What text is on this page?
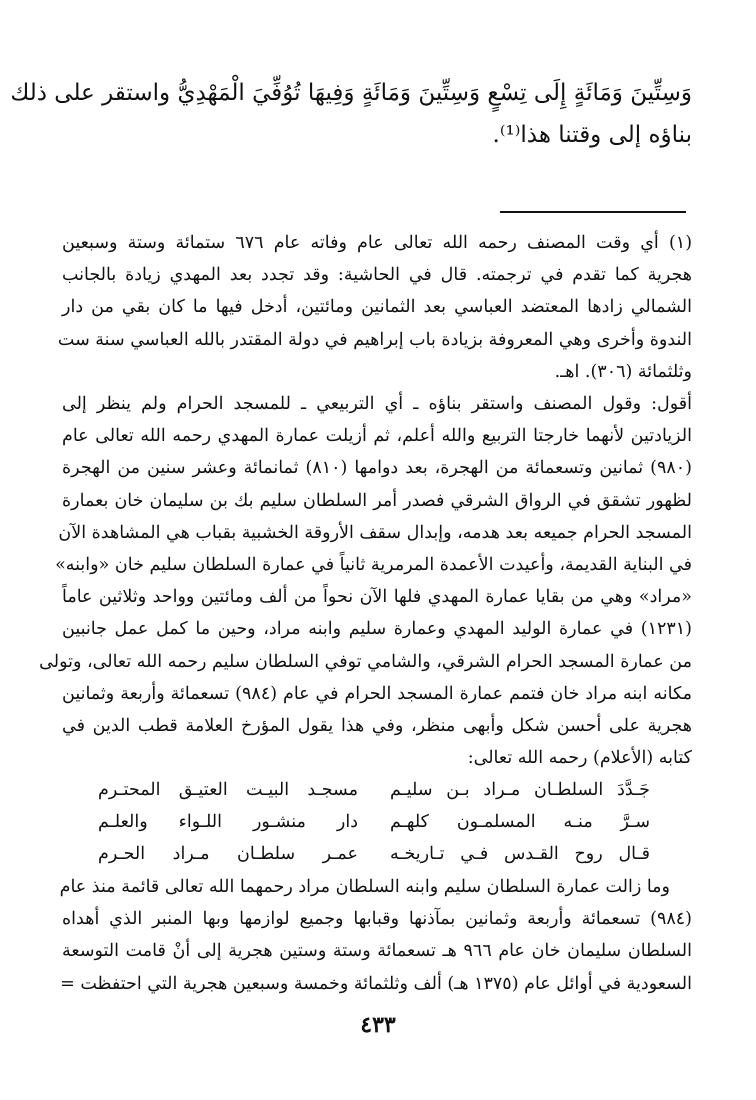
وَسِتِّينَ وَمَائَةٍ إِلَى تِسْعٍ وَسِتِّينَ وَمَائَةٍ وَفِيهَا تُوُفِّيَ الْمَهْدِيُّ واستقر على ذلك
بناؤه إلى وقتنا هذا⁽¹⁾.
(١) أي وقت المصنف رحمه الله تعالى عام وفاته عام ٦٧٦ ستمائة وستة وسبعين
هجرية كما تقدم في ترجمته. قال في الحاشية: وقد تجدد بعد المهدي زيادة بالجانب
الشمالي زادها المعتضد العباسي بعد الثمانين ومائتين، أدخل فيها ما كان بقي من دار
الندوة وأخرى وهي المعروفة بزيادة باب إبراهيم في دولة المقتدر بالله العباسي سنة ست
وثلثمائة (٣٠٦). اهـ.
أقول: وقول المصنف واستقر بناؤه ـ أي التربيعي ـ للمسجد الحرام ولم ينظر إلى
الزيادتين لأنهما خارجتا التربيع والله أعلم، ثم أزيلت عمارة المهدي رحمه الله تعالى عام
(٩٨٠) ثمانين وتسعمائة من الهجرة، بعد دوامها (٨١٠) ثمانمائة وعشر سنين من الهجرة
لظهور تشقق في الرواق الشرقي فصدر أمر السلطان سليم بك بن سليمان خان بعمارة
المسجد الحرام جميعه بعد هدمه، وإبدال سقف الأروقة الخشبية بقباب هي المشاهدة الآن
في البناية القديمة، وأعيدت الأعمدة المرمرية ثانياً في عمارة السلطان سليم خان «وابنه»
«مراد» وهي من بقايا عمارة المهدي فلها الآن نحواً من ألف ومائتين وواحد وثلاثين عاماً
(١٢٣١) في عمارة الوليد المهدي وعمارة سليم وابنه مراد، وحين ما كمل عمل جانبين
من عمارة المسجد الحرام الشرقي، والشامي توفي السلطان سليم رحمه الله تعالى، وتولى
مكانه ابنه مراد خان فتمم عمارة المسجد الحرام في عام (٩٨٤) تسعمائة وأربعة وثمانين
هجرية على أحسن شكل وأبهى منظر، وفي هذا يقول المؤرخ العلامة قطب الدين في
كتابه (الأعلام) رحمه الله تعالى:
جَـدَّدَ السلطـان مـراد بـن سليـم
مسجـد البيـت العتيـق المحتـرم
سـرَّ منـه المسلمـون كلهـم
دار منشـور اللـواء والعلـم
قـال روح القـدس فـي تـاريخـه
عمـر سلطـان مـراد الحـرم
وما زالت عمارة السلطان سليم وابنه السلطان مراد رحمهما الله تعالى قائمة منذ عام
(٩٨٤) تسعمائة وأربعة وثمانين بمآذنها وقبابها وجميع لوازمها وبها المنبر الذي أهداه
السلطان سليمان خان عام ٩٦٦ هـ تسعمائة وستة وستين هجرية إلى أنْ قامت التوسعة
السعودية في أوائل عام (١٣٧٥ هـ) ألف وثلثمائة وخمسة وسبعين هجرية التي احتفظت =
٤٣٣
